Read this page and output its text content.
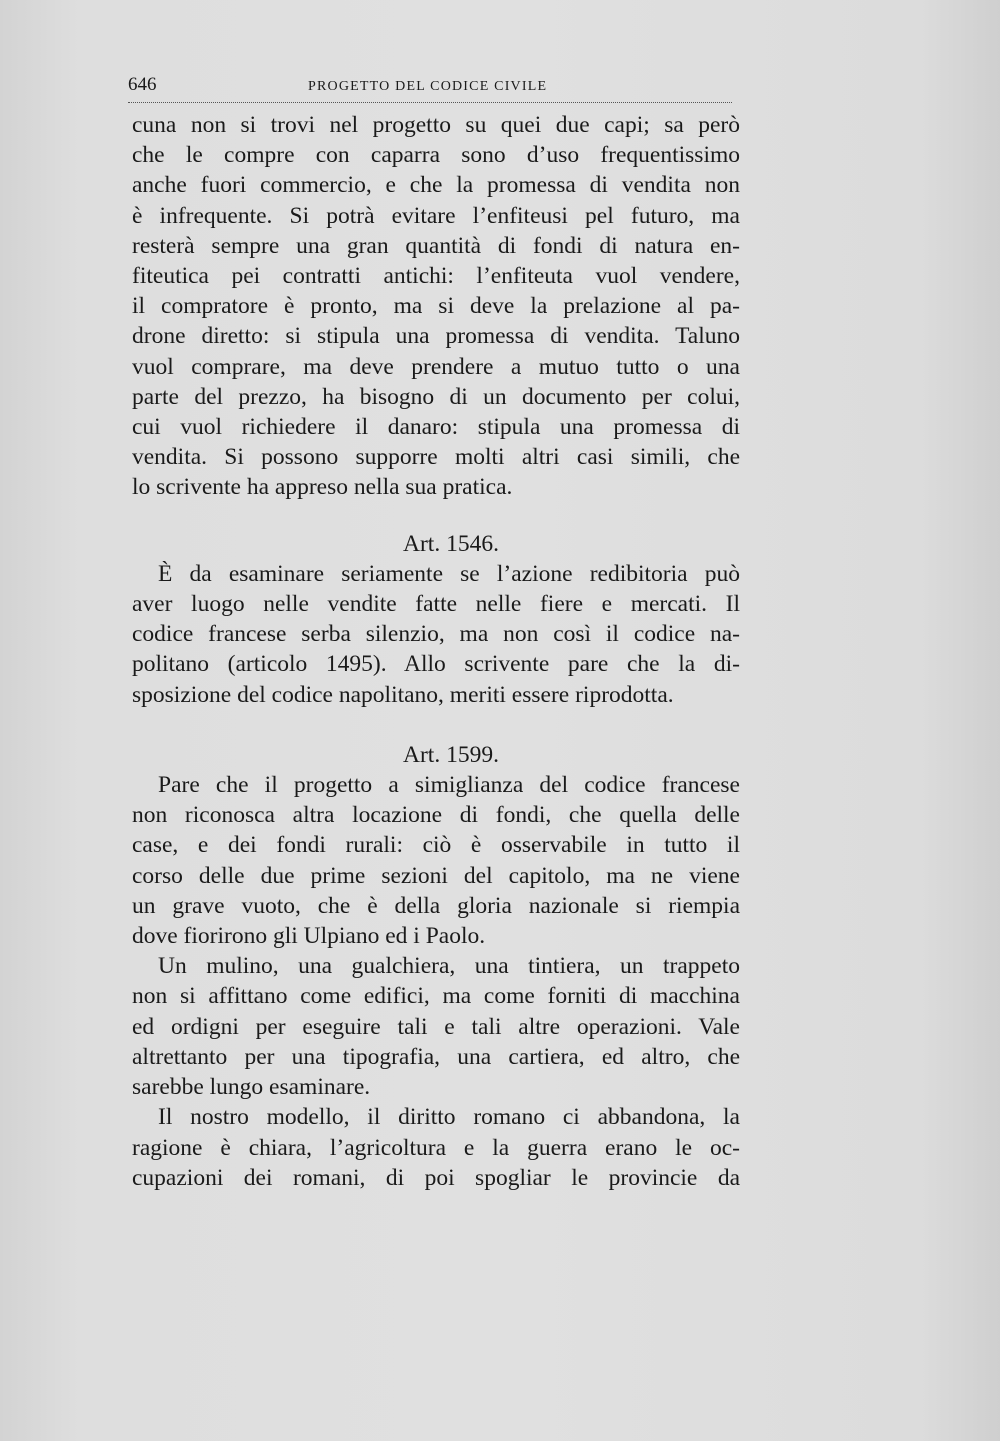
646	PROGETTO DEL CODICE CIVILE
cuna non si trovi nel progetto su quei due capi; sa però
che le compre con caparra sono d’uso frequentissimo
anche fuori commercio, e che la promessa di vendita non
è infrequente. Si potrà evitare l’enfiteusi pel futuro, ma
resterà sempre una gran quantità di fondi di natura en-
fiteutica pei contratti antichi: l’enfiteuta vuol vendere,
il compratore è pronto, ma si deve la prelazione al pa-
drone diretto: si stipula una promessa di vendita. Taluno
vuol comprare, ma deve prendere a mutuo tutto o una
parte del prezzo, ha bisogno di un documento per colui,
cui vuol richiedere il danaro: stipula una promessa di
vendita. Si possono supporre molti altri casi simili, che
lo scrivente ha appreso nella sua pratica.
Art. 1546.
È da esaminare seriamente se l’azione redibitoria può
aver luogo nelle vendite fatte nelle fiere e mercati. Il
codice francese serba silenzio, ma non così il codice na-
politano (articolo 1495). Allo scrivente pare che la di-
sposizione del codice napolitano, meriti essere riprodotta.
Art. 1599.
Pare che il progetto a simiglianza del codice francese
non riconosca altra locazione di fondi, che quella delle
case, e dei fondi rurali: ciò è osservabile in tutto il
corso delle due prime sezioni del capitolo, ma ne viene
un grave vuoto, che è della gloria nazionale si riempia
dove fiorirono gli Ulpiano ed i Paolo.
Un mulino, una gualchiera, una tintiera, un trappeto
non si affittano come edifici, ma come forniti di macchina
ed ordigni per eseguire tali e tali altre operazioni. Vale
altrettanto per una tipografia, una cartiera, ed altro, che
sarebbe lungo esaminare.
Il nostro modello, il diritto romano ci abbandona, la
ragione è chiara, l’agricoltura e la guerra erano le oc-
cupazioni dei romani, di poi spogliar le provincie da
